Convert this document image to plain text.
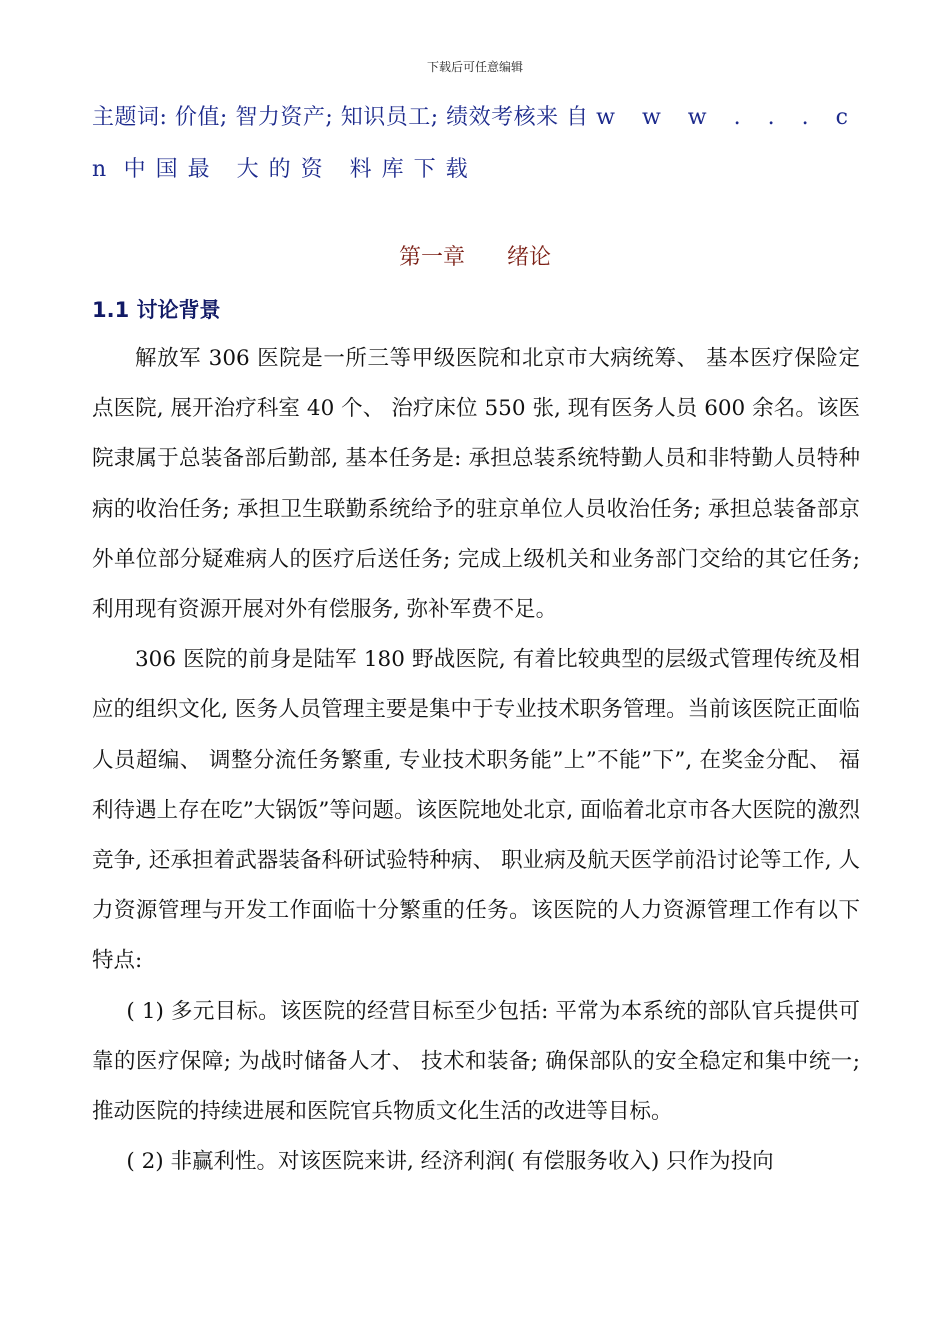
下载后可任意编辑
主题词: 价值; 智力资产; 知识员工; 绩效考核来 自 w w w . . . c n 中国最 大的资 料库下载
第一章 绪论
1.1 讨论背景

解放军 306 医院是一所三等甲级医院和北京市大病统筹、 基本医疗保险定点医院, 展开治疗科室 40 个、 治疗床位 550 张, 现有医务人员 600 余名。该医院隶属于总装备部后勤部, 基本任务是: 承担总装系统特勤人员和非特勤人员特种病的收治任务; 承担卫生联勤系统给予的驻京单位人员收治任务; 承担总装备部京外单位部分疑难病人的医疗后送任务; 完成上级机关和业务部门交给的其它任务; 利用现有资源开展对外有偿服务, 弥补军费不足。

306 医院的前身是陆军 180 野战医院, 有着比较典型的层级式管理传统及相应的组织文化, 医务人员管理主要是集中于专业技术职务管理。当前该医院正面临人员超编、 调整分流任务繁重, 专业技术职务能”上”不能”下”, 在奖金分配、 福利待遇上存在吃”大锅饭”等问题。该医院地处北京, 面临着北京市各大医院的激烈竞争, 还承担着武器装备科研试验特种病、 职业病及航天医学前沿讨论等工作, 人力资源管理与开发工作面临十分繁重的任务。该医院的人力资源管理工作有以下特点:

( 1) 多元目标。该医院的经营目标至少包括: 平常为本系统的部队官兵提供可靠的医疗保障; 为战时储备人才、 技术和装备; 确保部队的安全稳定和集中统一; 推动医院的持续进展和医院官兵物质文化生活的改进等目标。

( 2) 非赢利性。对该医院来讲, 经济利润( 有偿服务收入) 只作为投向
